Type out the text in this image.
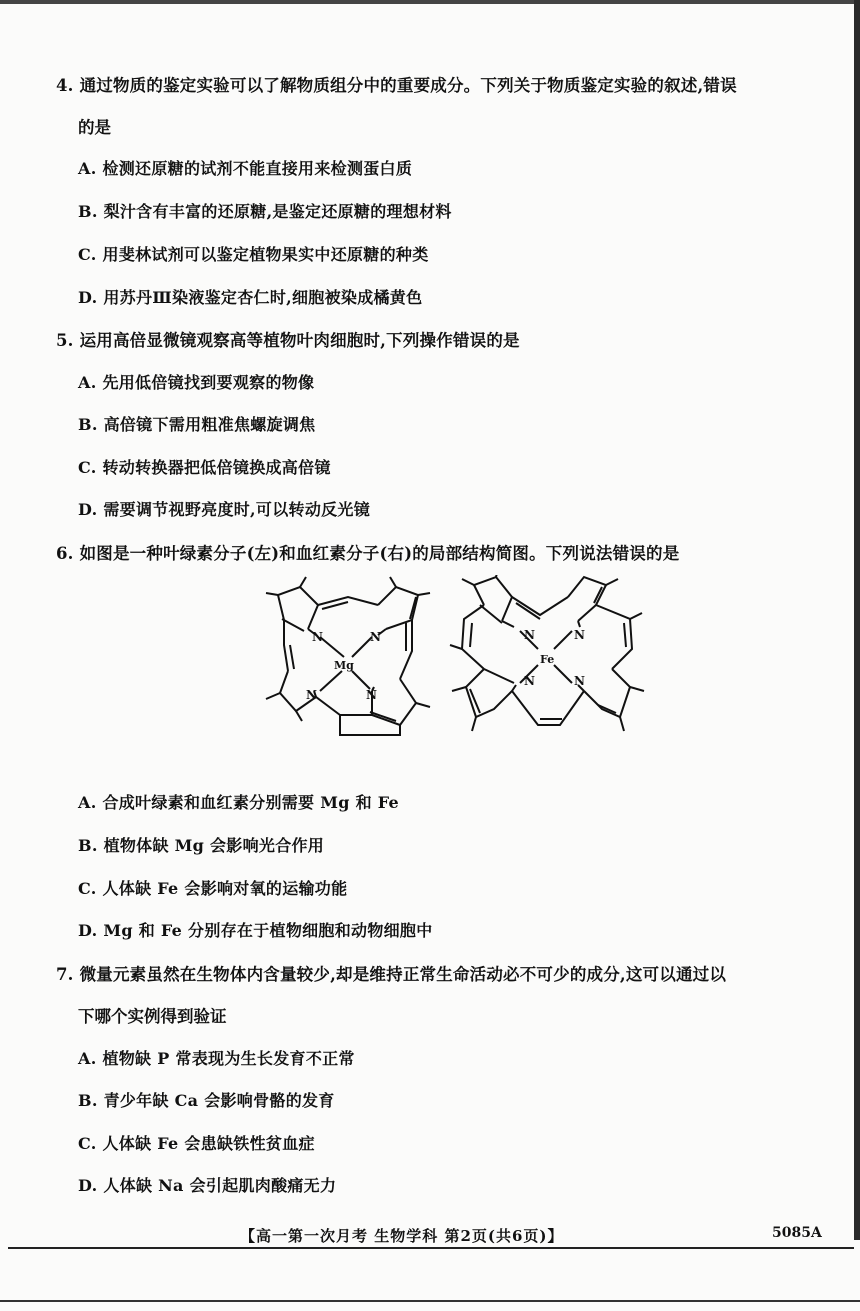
4. 通过物质的鉴定实验可以了解物质组分中的重要成分。下列关于物质鉴定实验的叙述,错误
的是
A. 检测还原糖的试剂不能直接用来检测蛋白质
B. 梨汁含有丰富的还原糖,是鉴定还原糖的理想材料
C. 用斐林试剂可以鉴定植物果实中还原糖的种类
D. 用苏丹Ⅲ染液鉴定杏仁时,细胞被染成橘黄色
5. 运用高倍显微镜观察高等植物叶肉细胞时,下列操作错误的是
A. 先用低倍镜找到要观察的物像
B. 高倍镜下需用粗准焦螺旋调焦
C. 转动转换器把低倍镜换成高倍镜
D. 需要调节视野亮度时,可以转动反光镜
6. 如图是一种叶绿素分子(左)和血红素分子(右)的局部结构简图。下列说法错误的是
N	N
Mg
N	N
N	N
Fe
N	N
A. 合成叶绿素和血红素分别需要 Mg 和 Fe
B. 植物体缺 Mg 会影响光合作用
C. 人体缺 Fe 会影响对氧的运输功能
D. Mg 和 Fe 分别存在于植物细胞和动物细胞中
7. 微量元素虽然在生物体内含量较少,却是维持正常生命活动必不可少的成分,这可以通过以
下哪个实例得到验证
A. 植物缺 P 常表现为生长发育不正常
B. 青少年缺 Ca 会影响骨骼的发育
C. 人体缺 Fe 会患缺铁性贫血症
D. 人体缺 Na 会引起肌肉酸痛无力
【高一第一次月考 生物学科 第2页(共6页)】	5085A
